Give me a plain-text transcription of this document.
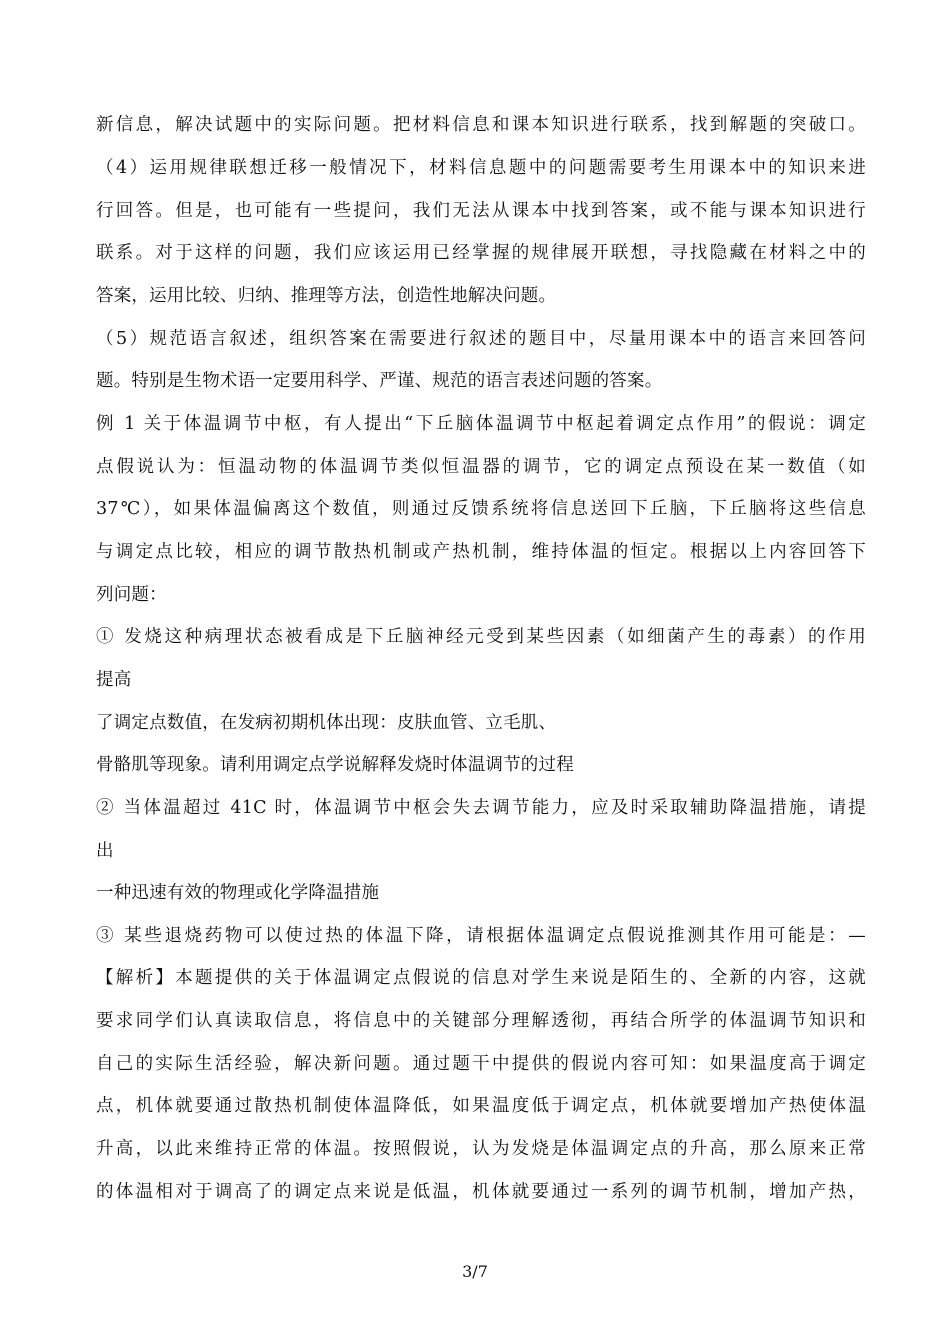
新信息，解决试题中的实际问题。把材料信息和课本知识进行联系，找到解题的突破口。
（4）运用规律联想迁移一般情况下，材料信息题中的问题需要考生用课本中的知识来进
行回答。但是，也可能有一些提问，我们无法从课本中找到答案，或不能与课本知识进行
联系。对于这样的问题，我们应该运用已经掌握的规律展开联想，寻找隐藏在材料之中的
答案，运用比较、归纳、推理等方法，创造性地解决问题。
（5）规范语言叙述，组织答案在需要进行叙述的题目中，尽量用课本中的语言来回答问
题。特别是生物术语一定要用科学、严谨、规范的语言表述问题的答案。
例 1 关于体温调节中枢，有人提出“下丘脑体温调节中枢起着调定点作用”的假说：调定
点假说认为：恒温动物的体温调节类似恒温器的调节，它的调定点预设在某一数值（如
37℃），如果体温偏离这个数值，则通过反馈系统将信息送回下丘脑，下丘脑将这些信息
与调定点比较，相应的调节散热机制或产热机制，维持体温的恒定。根据以上内容回答下
列问题：
① 发烧这种病理状态被看成是下丘脑神经元受到某些因素（如细菌产生的毒素）的作用
提高
了调定点数值，在发病初期机体出现：皮肤血管、立毛肌、
骨骼肌等现象。请利用调定点学说解释发烧时体温调节的过程
② 当体温超过 41C 时，体温调节中枢会失去调节能力，应及时采取辅助降温措施，请提
出
一种迅速有效的物理或化学降温措施
③ 某些退烧药物可以使过热的体温下降，请根据体温调定点假说推测其作用可能是：—
【解析】本题提供的关于体温调定点假说的信息对学生来说是陌生的、全新的内容，这就
要求同学们认真读取信息，将信息中的关键部分理解透彻，再结合所学的体温调节知识和
自己的实际生活经验，解决新问题。通过题干中提供的假说内容可知：如果温度高于调定
点，机体就要通过散热机制使体温降低，如果温度低于调定点，机体就要增加产热使体温
升高，以此来维持正常的体温。按照假说，认为发烧是体温调定点的升高，那么原来正常
的体温相对于调高了的调定点来说是低温，机体就要通过一系列的调节机制，增加产热，
3/7
